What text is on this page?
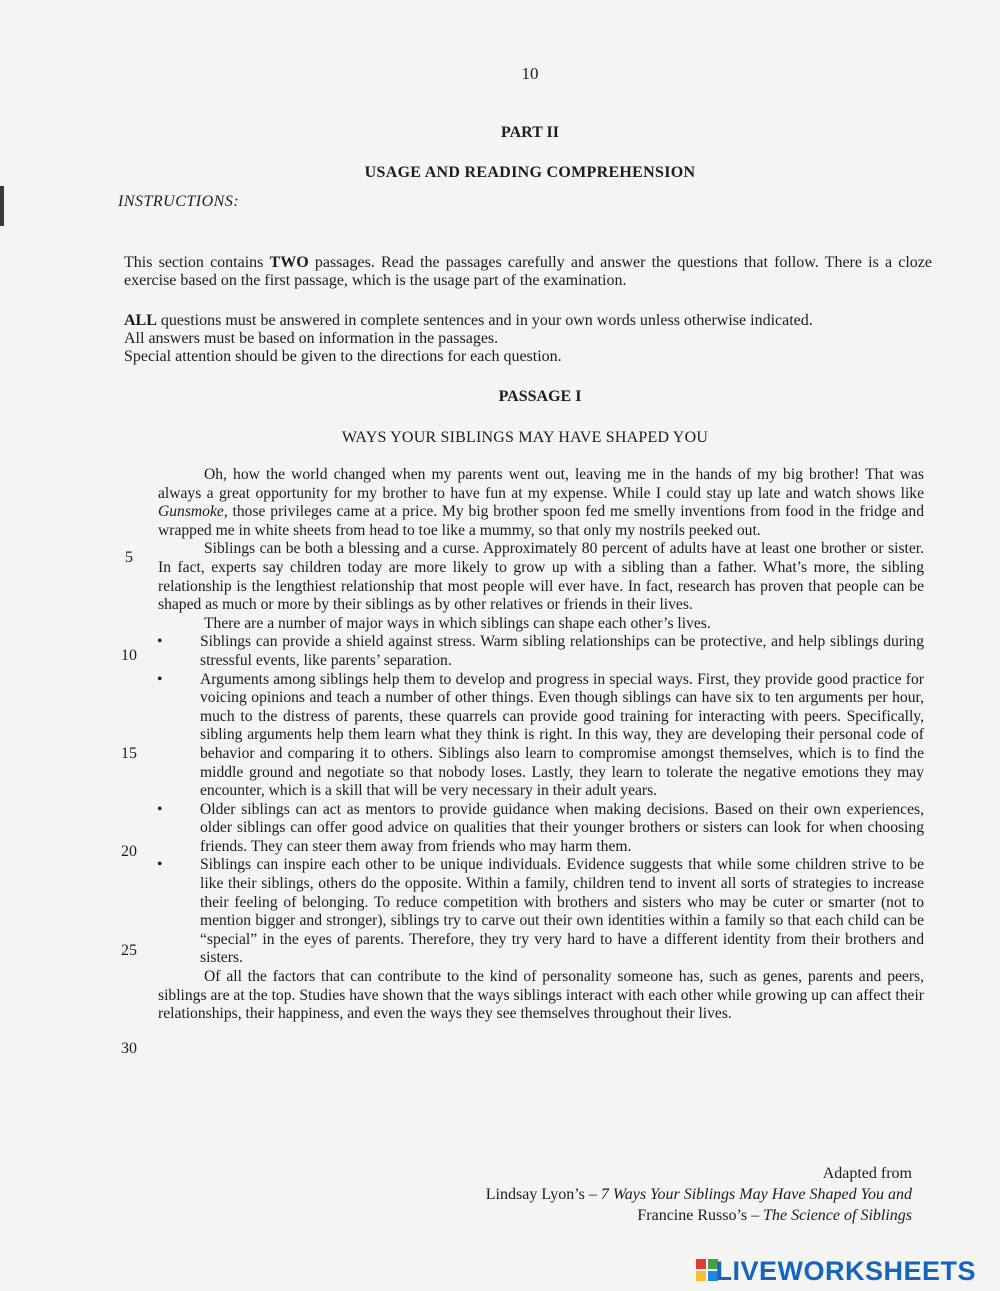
10
PART II
USAGE AND READING COMPREHENSION
INSTRUCTIONS:

This section contains TWO passages. Read the passages carefully and answer the questions that follow. There is a cloze exercise based on the first passage, which is the usage part of the examination.

ALL questions must be answered in complete sentences and in your own words unless otherwise indicated.

All answers must be based on information in the passages.

Special attention should be given to the directions for each question.

PASSAGE I
WAYS YOUR SIBLINGS MAY HAVE SHAPED YOU

Oh, how the world changed when my parents went out, leaving me in the hands of my big brother! That was always a great opportunity for my brother to have fun at my expense. While I could stay up late and watch shows like Gunsmoke, those privileges came at a price. My big brother spoon fed me smelly inventions from food in the fridge and wrapped me in white sheets from head to toe like a mummy, so that only my nostrils peeked out.

Siblings can be both a blessing and a curse. Approximately 80 percent of adults have at least one brother or sister. In fact, experts say children today are more likely to grow up with a sibling than a father. What’s more, the sibling relationship is the lengthiest relationship that most people will ever have. In fact, research has proven that people can be shaped as much or more by their siblings as by other relatives or friends in their lives.

There are a number of major ways in which siblings can shape each other’s lives.

• Siblings can provide a shield against stress. Warm sibling relationships can be protective, and help siblings during stressful events, like parents’ separation.
• Arguments among siblings help them to develop and progress in special ways. First, they provide good practice for voicing opinions and teach a number of other things. Even though siblings can have six to ten arguments per hour, much to the distress of parents, these quarrels can provide good training for interacting with peers. Specifically, sibling arguments help them learn what they think is right. In this way, they are developing their personal code of behavior and comparing it to others. Siblings also learn to compromise amongst themselves, which is to find the middle ground and negotiate so that nobody loses. Lastly, they learn to tolerate the negative emotions they may encounter, which is a skill that will be very necessary in their adult years.
• Older siblings can act as mentors to provide guidance when making decisions. Based on their own experiences, older siblings can offer good advice on qualities that their younger brothers or sisters can look for when choosing friends. They can steer them away from friends who may harm them.
• Siblings can inspire each other to be unique individuals. Evidence suggests that while some children strive to be like their siblings, others do the opposite. Within a family, children tend to invent all sorts of strategies to increase their feeling of belonging. To reduce competition with brothers and sisters who may be cuter or smarter (not to mention bigger and stronger), siblings try to carve out their own identities within a family so that each child can be “special” in the eyes of parents. Therefore, they try very hard to have a different identity from their brothers and sisters.

Of all the factors that can contribute to the kind of personality someone has, such as genes, parents and peers, siblings are at the top. Studies have shown that the ways siblings interact with each other while growing up can affect their relationships, their happiness, and even the ways they see themselves throughout their lives.

5
10
15
20
25
30
Adapted from
Lindsay Lyon’s – 7 Ways Your Siblings May Have Shaped You and
Francine Russo’s – The Science of Siblings
LIVEWORKSHEETS
